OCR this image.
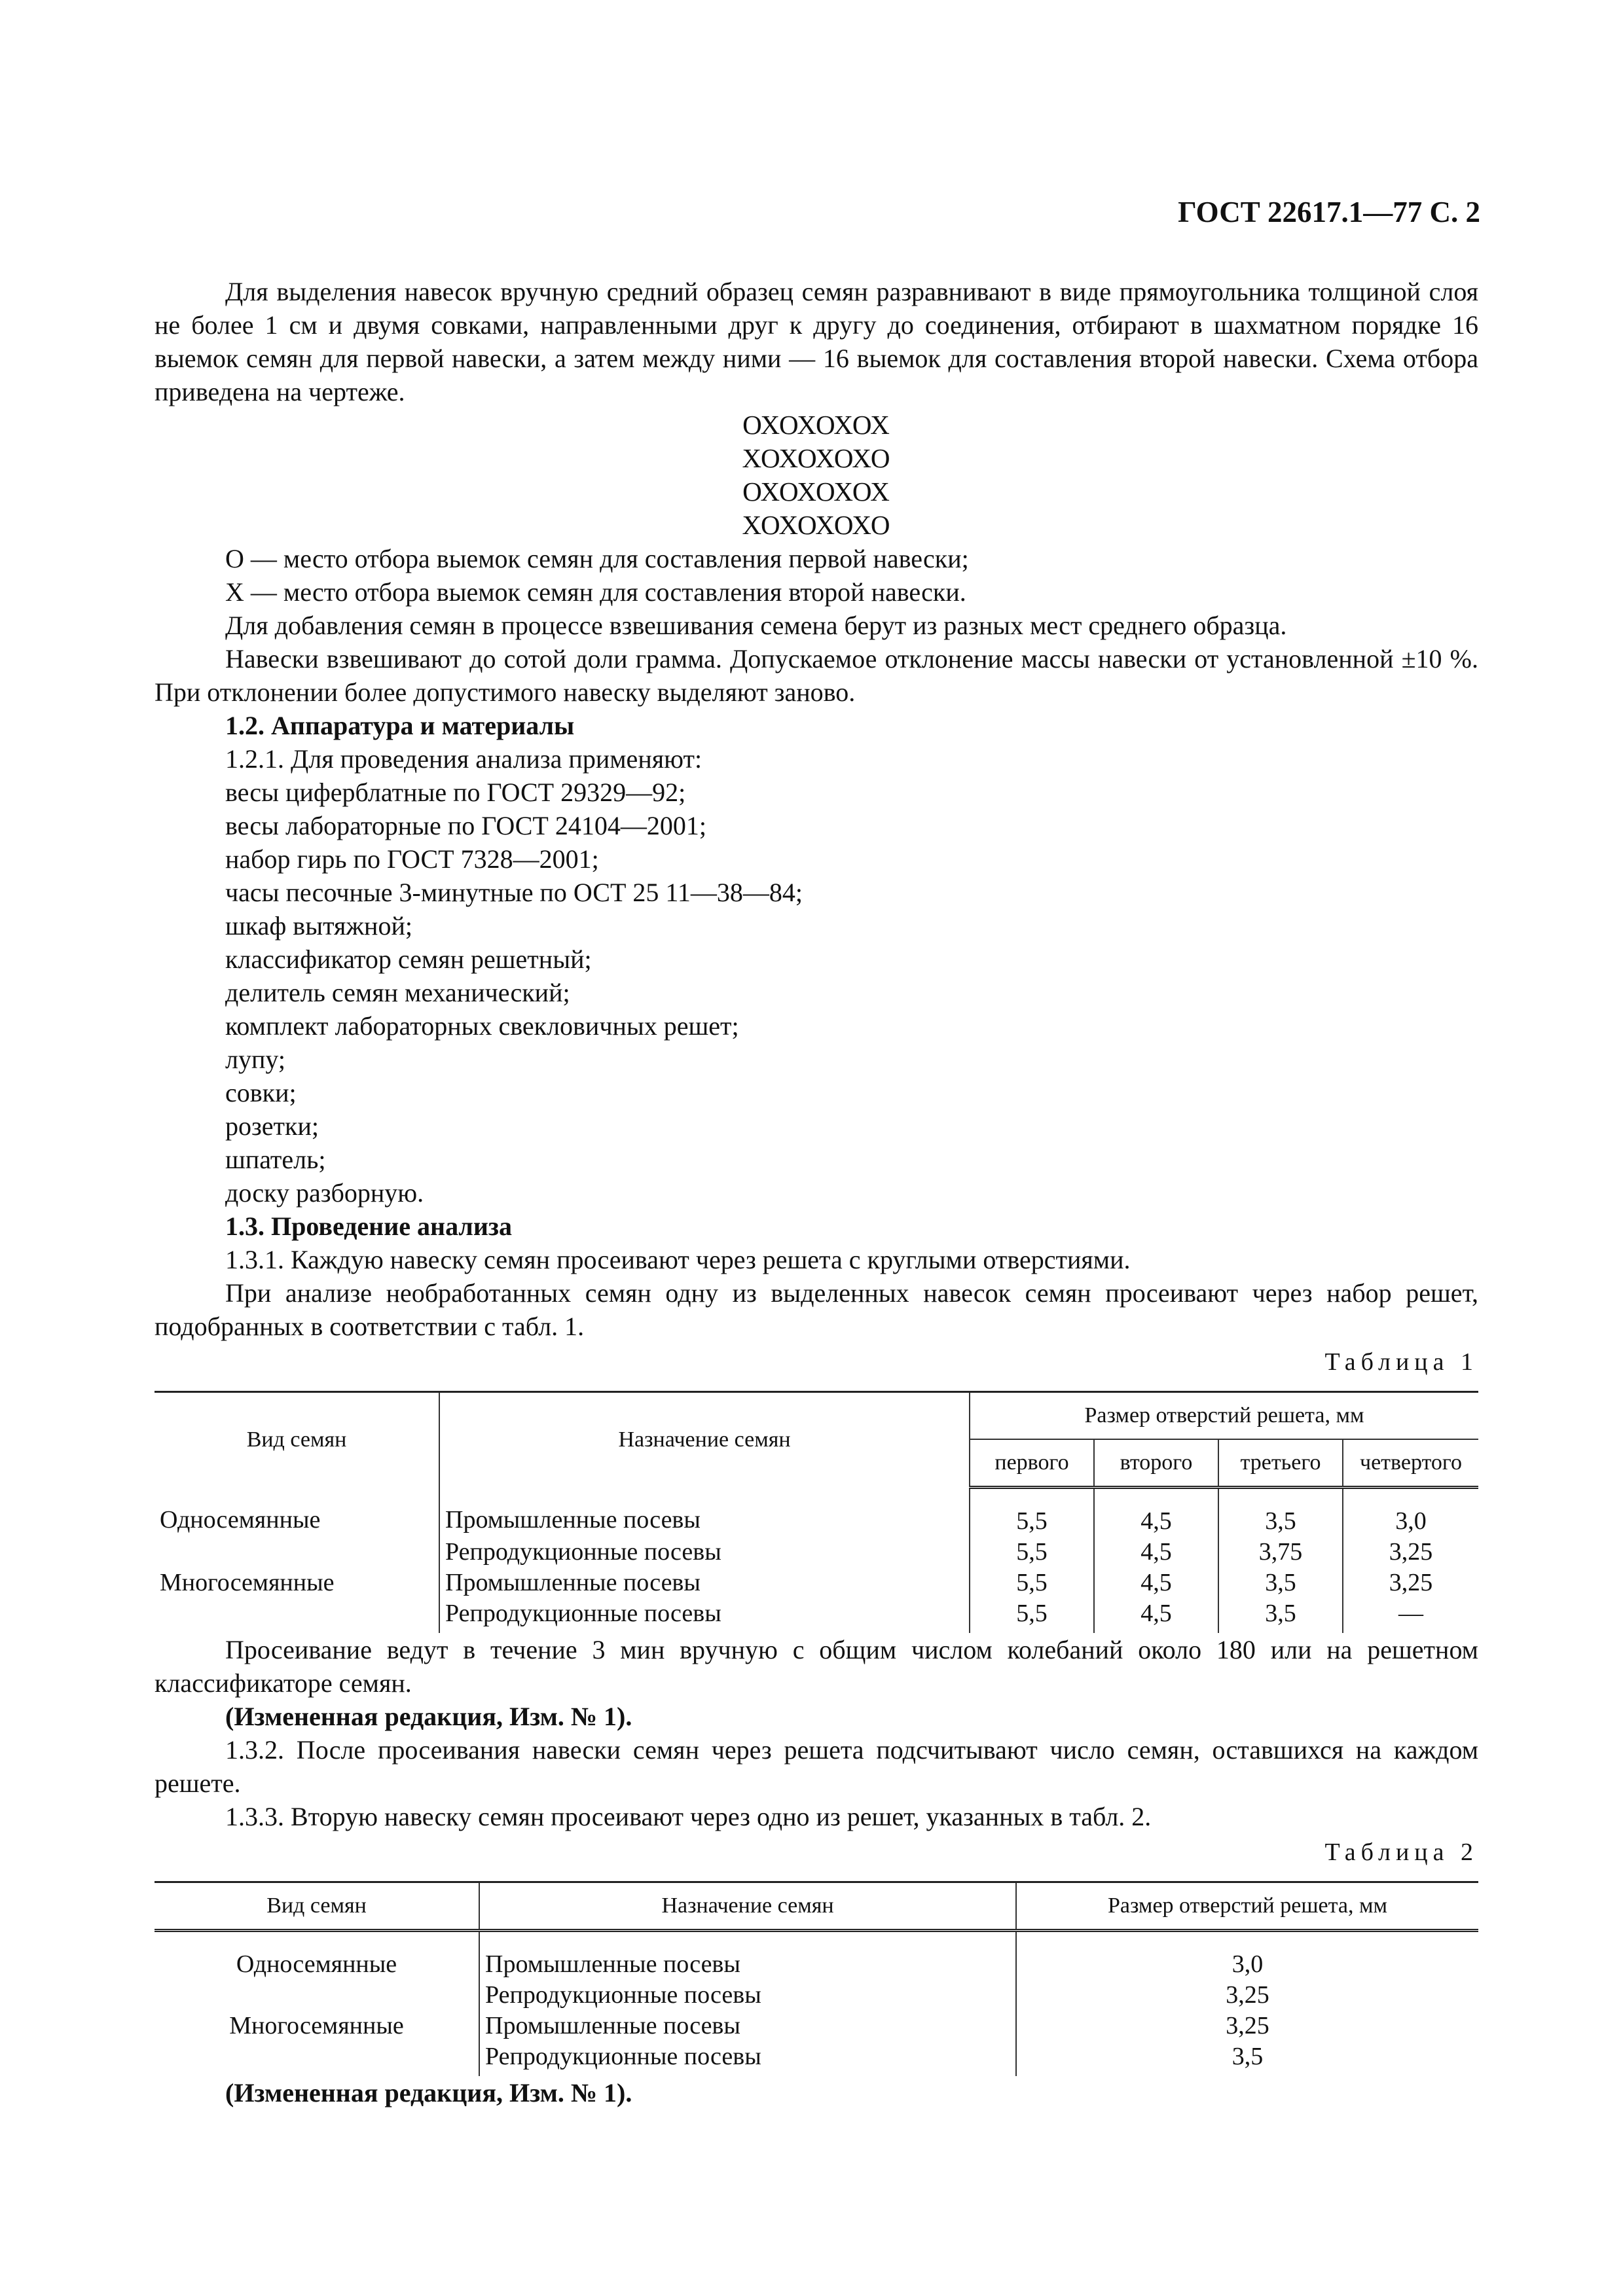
ГОСТ 22617.1—77 С. 2

Для выделения навесок вручную средний образец семян разравнивают в виде прямоугольника толщиной слоя не более 1 см и двумя совками, направленными друг к другу до соединения, отбирают в шахматном порядке 16 выемок семян для первой навески, а затем между ними — 16 выемок для составления второй навески. Схема отбора приведена на чертеже.

ОХОХОХОХ
ХОХОХОХО
ОХОХОХОХ
ХОХОХОХО

О — место отбора выемок семян для составления первой навески;

Х — место отбора выемок семян для составления второй навески.

Для добавления семян в процессе взвешивания семена берут из разных мест среднего образца.

Навески взвешивают до сотой доли грамма. Допускаемое отклонение массы навески от установленной ±10 %. При отклонении более допустимого навеску выделяют заново.

1.2. Аппаратура и материалы

1.2.1. Для проведения анализа применяют:

весы циферблатные по ГОСТ 29329—92;

весы лабораторные по ГОСТ 24104—2001;

набор гирь по ГОСТ 7328—2001;

часы песочные 3-минутные по ОСТ 25 11—38—84;

шкаф вытяжной;

классификатор семян решетный;

делитель семян механический;

комплект лабораторных свекловичных решет;

лупу;

совки;

розетки;

шпатель;

доску разборную.

1.3. Проведение анализа

1.3.1. Каждую навеску семян просеивают через решета с круглыми отверстиями.

При анализе необработанных семян одну из выделенных навесок семян просеивают через набор решет, подобранных в соответствии с табл. 1.

Таблица 1
Вид семян	Назначение семян	Размер отверстий решета, мм			
		первого	второго	третьего	четвертого
Односемянные	Промышленные посевы	5,5	4,5	3,5	3,0
	Репродукционные посевы	5,5	4,5	3,75	3,25
Многосемянные	Промышленные посевы	5,5	4,5	3,5	3,25
	Репродукционные посевы	5,5	4,5	3,5	—

Просеивание ведут в течение 3 мин вручную с общим числом колебаний около 180 или на решетном классификаторе семян.

(Измененная редакция, Изм. № 1).

1.3.2. После просеивания навески семян через решета подсчитывают число семян, оставшихся на каждом решете.

1.3.3. Вторую навеску семян просеивают через одно из решет, указанных в табл. 2.

Таблица 2
Вид семян	Назначение семян	Размер отверстий решета, мм
Односемянные	Промышленные посевы	3,0
	Репродукционные посевы	3,25
Многосемянные	Промышленные посевы	3,25
	Репродукционные посевы	3,5

(Измененная редакция, Изм. № 1).
